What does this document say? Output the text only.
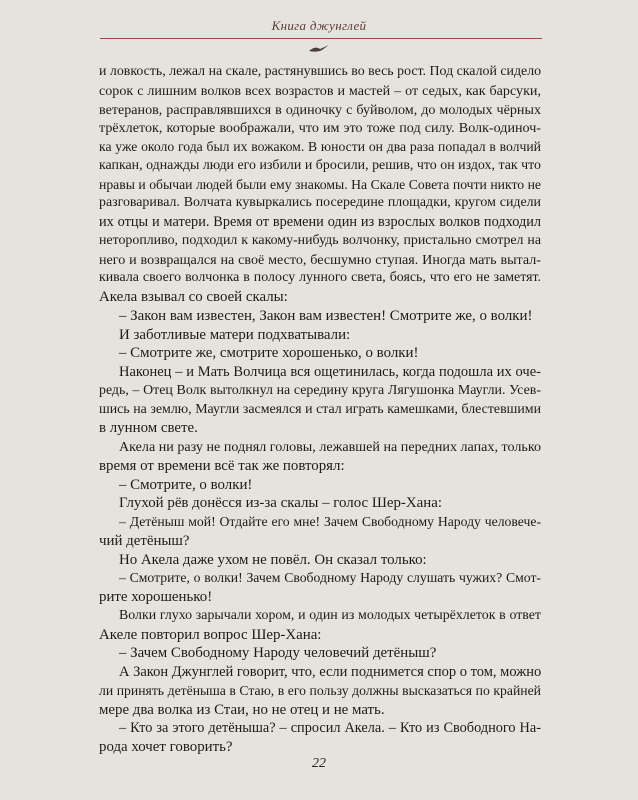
Книга джунглей
и ловкость, лежал на скале, растянувшись во весь рост. Под скалой сидело
сорок с лишним волков всех возрастов и мастей – от седых, как барсуки,
ветеранов, расправлявшихся в одиночку с буйволом, до молодых чёрных
трёхлеток, которые воображали, что им это тоже под силу. Волк-одиноч-
ка уже около года был их вожаком. В юности он два раза попадал в волчий
капкан, однажды люди его избили и бросили, решив, что он издох, так что
нравы и обычаи людей были ему знакомы. На Скале Совета почти никто не
разговаривал. Волчата кувыркались посередине площадки, кругом сидели
их отцы и матери. Время от времени один из взрослых волков подходил
неторопливо, подходил к какому-нибудь волчонку, пристально смотрел на
него и возвращался на своё место, бесшумно ступая. Иногда мать вытал-
кивала своего волчонка в полосу лунного света, боясь, что его не заметят.
Акела взывал со своей скалы:
– Закон вам известен, Закон вам известен! Смотрите же, о волки!
И заботливые матери подхватывали:
– Смотрите же, смотрите хорошенько, о волки!
Наконец – и Мать Волчица вся ощетинилась, когда подошла их оче-
редь, – Отец Волк вытолкнул на середину круга Лягушонка Маугли. Усев-
шись на землю, Маугли засмеялся и стал играть камешками, блестевшими
в лунном свете.
Акела ни разу не поднял головы, лежавшей на передних лапах, только
время от времени всё так же повторял:
– Смотрите, о волки!
Глухой рёв донёсся из-за скалы – голос Шер-Хана:
– Детёныш мой! Отдайте его мне! Зачем Свободному Народу человече-
чий детёныш?
Но Акела даже ухом не повёл. Он сказал только:
– Смотрите, о волки! Зачем Свободному Народу слушать чужих? Смот-
рите хорошенько!
Волки глухо зарычали хором, и один из молодых четырёхлеток в ответ
Акеле повторил вопрос Шер-Хана:
– Зачем Свободному Народу человечий детёныш?
А Закон Джунглей говорит, что, если поднимется спор о том, можно
ли принять детёныша в Стаю, в его пользу должны высказаться по крайней
мере два волка из Стаи, но не отец и не мать.
– Кто за этого детёныша? – спросил Акела. – Кто из Свободного На-
рода хочет говорить?
22
